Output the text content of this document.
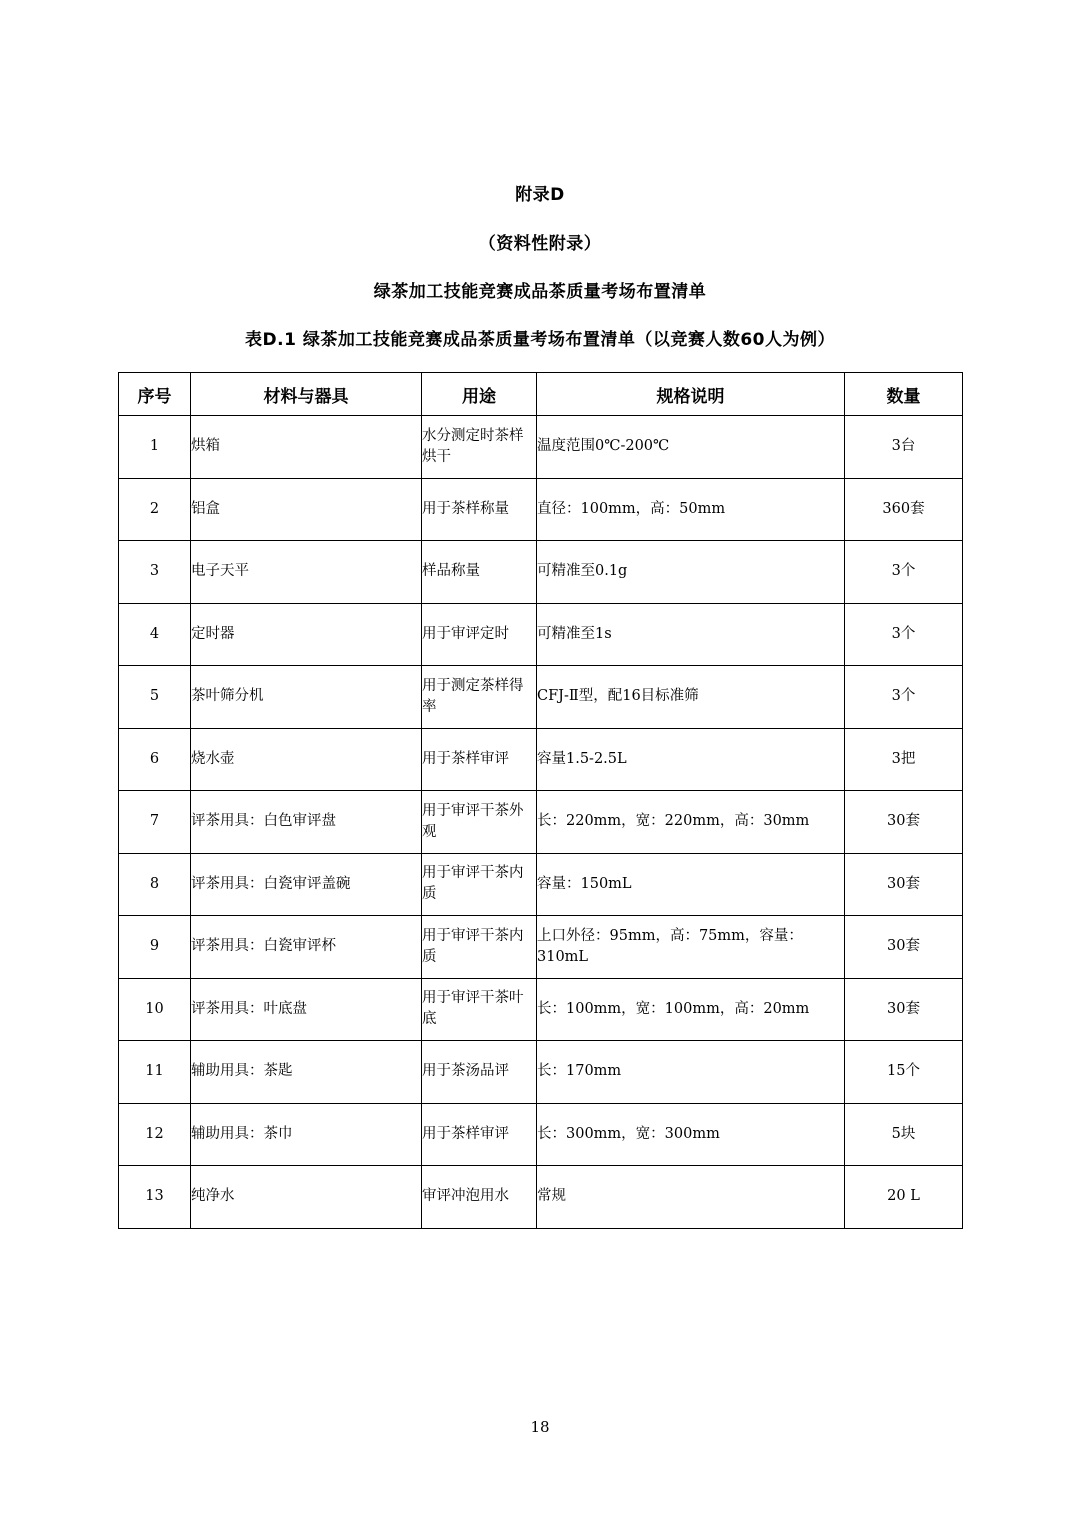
附录D
（资料性附录）
绿茶加工技能竞赛成品茶质量考场布置清单
表D.1 绿茶加工技能竞赛成品茶质量考场布置清单（以竞赛人数60人为例）
序号	材料与器具	用途	规格说明	数量
1	烘箱	水分测定时茶样烘干	温度范围0℃-200℃	3台
2	铝盒	用于茶样称量	直径：100mm，高：50mm	360套
3	电子天平	样品称量	可精准至0.1g	3个
4	定时器	用于审评定时	可精准至1s	3个
5	茶叶筛分机	用于测定茶样得率	CFJ-Ⅱ型，配16目标准筛	3个
6	烧水壶	用于茶样审评	容量1.5-2.5L	3把
7	评茶用具：白色审评盘	用于审评干茶外观	长：220mm，宽：220mm，高：30mm	30套
8	评茶用具：白瓷审评盖碗	用于审评干茶内质	容量：150mL	30套
9	评茶用具：白瓷审评杯	用于审评干茶内质	上口外径：95mm，高：75mm，容量：310mL	30套
10	评茶用具：叶底盘	用于审评干茶叶底	长：100mm，宽：100mm，高：20mm	30套
11	辅助用具：茶匙	用于茶汤品评	长：170mm	15个
12	辅助用具：茶巾	用于茶样审评	长：300mm，宽：300mm	5块
13	纯净水	审评冲泡用水	常规	20 L
18
